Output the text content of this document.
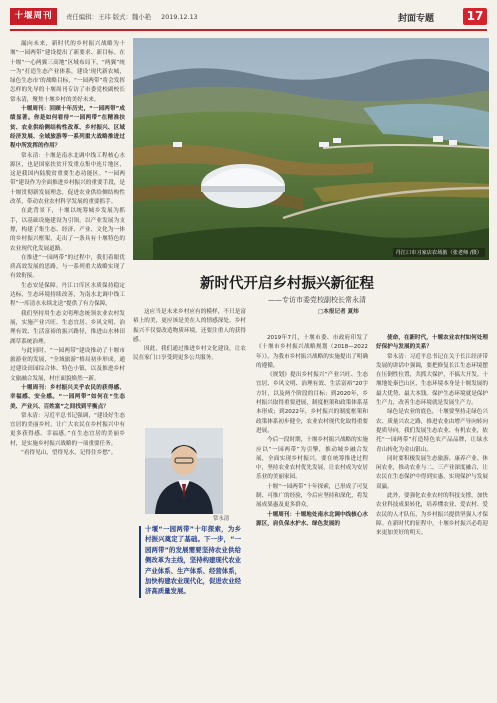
十堰周刊	责任编辑：王玮 版式：魏小艳 2019.12.13	封面专题	17
丹江口市习家店农场旅（张老师 /摄）
新时代开启乡村振兴新征程
——专访市委党校副校长常永清
□本报记者 夏炜

漏向未来，新时代的乡村振兴战略为十堰“一园两带”建设提出了新要求、新目标。在十堰“一心两翼三高地”区域布局下，“两翼”统一为“打造生态产业体系，建设‘现代新农城，绿色生态市’的战略目标，“一园两带”将会发挥怎样的先导的十堰周刊专访了市委党校副校长常永清，聚焦十堰乡村的美好未来。

十堰周刊：回顾十年历史，“一园两带”成绩显著。你是如何看待“一园两带”在精准扶贫、农业供给侧结构性改革、乡村振兴、区域经济发展、全域旅游等一系列重大战略推进过程中所发挥的作用？

常永清：十堰是南水北调中线工程核心水源区，也是国家扶贫开发重点集中连片地区，这是我国内陆脱贫重要生态功能区。“一园两带”建设作为全面推进乡村振兴的重要手段，是十堰贯彻新发展理念，促进农业供给侧结构性改革，带动农业农村科学发展的重要抓手。

在此背景下，十堰以统筹城乡发展为抓手，以基础设施建设为引领，以产业发展为支撑，构建了集生态、经济、产业、文化为一体的乡村振兴框架，走出了一条具有十堰特色的农业现代化发展道路。

在推进“一园两带”的过程中，我们着眼优质高效发展的思路，与一系列重大战略实现了有效衔接。

生态安是保障。丹江口库区水质保持稳定达标，生态环境持续改善，为南水北调中线工程“一库清水永续北送”提供了有力保障。

我们坚持用生态文明理念统领农业农村发展，实施产业兴旺、生态宜居、乡风文明、治理有效、生活富裕的振兴路径，推进山水林田湖草系统治理。

与此同时，“一园两带”建设推动了十堰市旅游业的发展，“全域旅游”格局初步形成。通过建设田园综合体、特色小镇，以及推进乡村文旅融合发展，村庄面貌焕然一新。

十堰周刊：乡村振兴关乎农民的获得感、幸福感、安全感。“一园两带”如何在“生态美、产业兴、百姓富”之间找到平衡点？

常永清：习近平总书记强调，“建设好生态宜居的美丽乡村，让广大农民在乡村振兴中有更多获得感、幸福感。”在生态宜居的美丽乡村，是实施乡村振兴战略的一项重要任务。

“看得见山，望得见水，记得住乡愁”。

这应当是未来乡村应有的模样，不只是富裕上的美，更应该是美在人的情感深处。乡村振兴不仅要改造物质环境，还要注重人的获得感。

因此，我们通过推进乡村文化建设，让农民在家门口享受到更多公共服务。

2019年7月，十堰市委、市政府印发了《十堰市乡村振兴战略规划（2018—2022年）》，为我市乡村振兴战略的实施提出了明确的遵循。

《规划》提出乡村振兴“产业兴旺、生态宜居、乡风文明、治理有效、生活富裕”20字方针，以及两个阶段的目标：到2020年，乡村振兴取得重要进展，制度框架和政策体系基本形成；到2022年，乡村振兴的制度框架和政策体系初步健全，农业农村现代化取得重要进展。

今后一段时期，十堰乡村振兴战略的实施应以“一园两带”为引擎，推动城乡融合发展，全面实现乡村振兴。要在统筹推进过程中，坚持农业农村优先发展，让农村成为安居乐业的美丽家园。

十堰“一园两带”十年探索，已形成了可复制、可推广的经验，今后应坚持和深化，将发展成果惠及更多群众。

十堰周刊：十堰地处南水北调中线核心水源区，肩负保水护水、绿色发展的

使命，在新时代，十堰农业农村如何处理好保护与发展的关系？

常永清：习近平总书记在关于长江经济带发展的讲话中强调，要把修复长江生态环境摆在压倒性位置，共抓大保护，不搞大开发。十堰地处秦巴山区，生态环境本身是十堰发展的最大优势、最大本钱。保护生态环境就是保护生产力，改善生态环境就是发展生产力。

绿色是农业的底色，十堰要坚持走绿色兴农、质量兴农之路，推进农业由增产导向转向提质导向。我们发展生态农业、有机农业，依托“一园两带”打造特色农产品品牌，让绿水青山转化为金山银山。

同时要积极发展生态旅游、康养产业、休闲农业，推动农业与二、三产业深度融合，让农民在生态保护中得到实惠，实现保护与发展双赢。

此外，要强化农业农村的科技支撑，加快农业科技成果转化，培养懂农业、爱农村、爱农民的人才队伍，为乡村振兴提供坚强人才保障。在新时代的征程中，十堰乡村振兴必将迎来更加美好的明天。

常永清
十堰“一园两带”十年探索，为乡村振兴奠定了基础。下一步，“一园两带”的发展需要坚持农业供给侧改革为主线，坚持构建现代农业产业体系、生产体系、经营体系，加快构建农业现代化，促进农业经济高质量发展。
